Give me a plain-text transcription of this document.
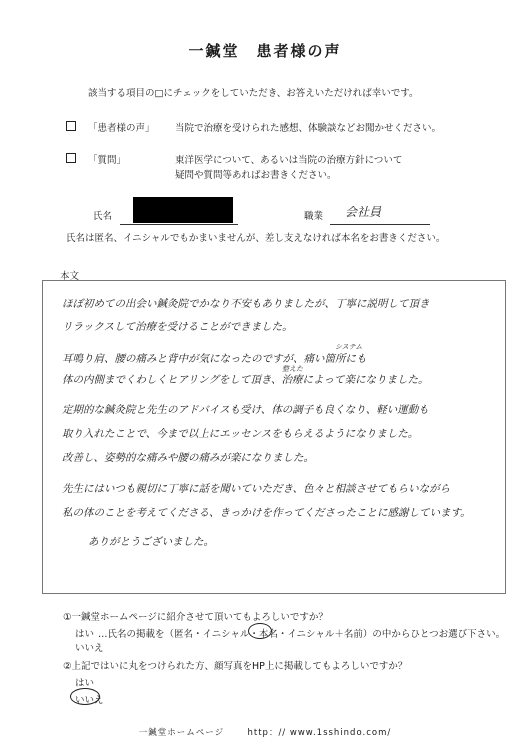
一鍼堂　患者様の声
該当する項目の□にチェックをしていただき、お答えいただければ幸いです。
「患者様の声」 当院で治療を受けられた感想、体験談などお聞かせください。
「質問」	東洋医学について、あるいは当院の治療方針について
疑問や質問等あればお書きください。
氏名	職業 会社員
氏名は匿名、イニシャルでもかまいませんが、差し支えなければ本名をお書きください。
本文
ほぼ初めての出会い鍼灸院でかなり不安もありましたが、丁寧に説明して頂き
リラックスして治療を受けることができました。
システム
耳鳴り肩、腰の痛みと背中が気になったのですが、痛い箇所にも
整えた
体の内側までくわしくヒアリングをして頂き、治療によって楽になりました。
定期的な鍼灸院と先生のアドバイスも受け、体の調子も良くなり、軽い運動も
取り入れたことで、今まで以上にエッセンスをもらえるようになりました。
改善し、姿勢的な痛みや腰の痛みが楽になりました。
先生にはいつも親切に丁寧に話を聞いていただき、色々と相談させてもらいながら
私の体のことを考えてくださる、きっかけを作ってくださったことに感謝しています。
ありがとうございました。
①一鍼堂ホームページに紹介させて頂いてもよろしいですか？
はい …氏名の掲載を（匿名・イニシャル・本名・イニシャル＋名前）の中からひとつお選び下さい。
いいえ
②上記ではいに丸をつけられた方、顔写真をHP上に掲載してもよろしいですか？
はい
いいえ
一鍼堂ホームページ	http：// www.1sshindo.com/
